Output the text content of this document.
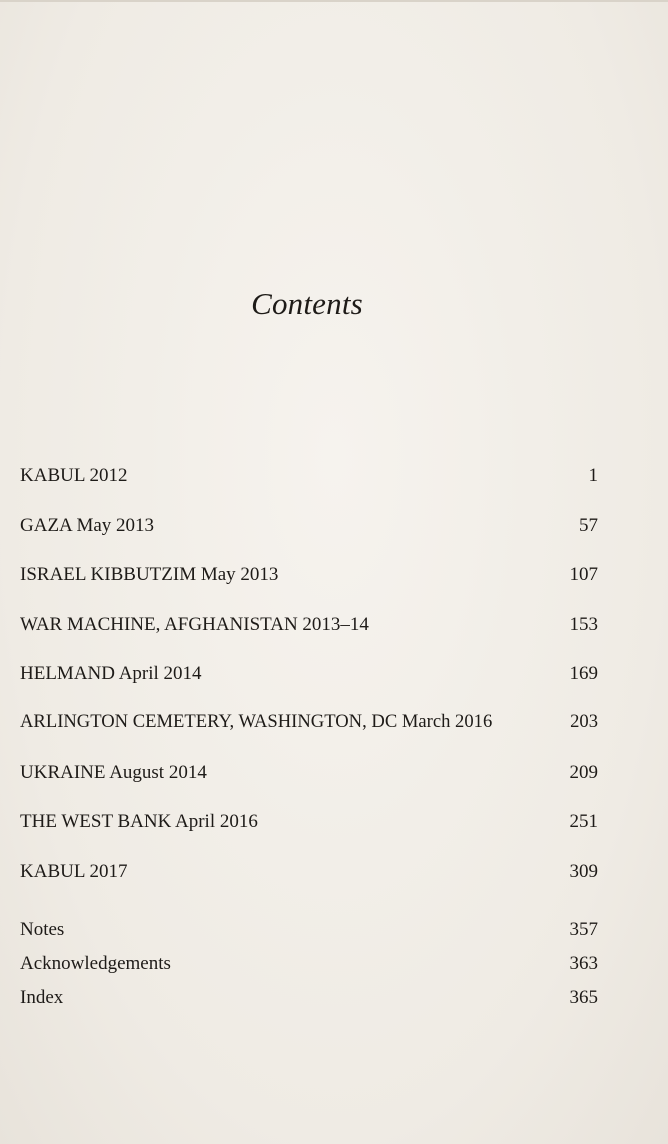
Contents
KABUL 2012	1
GAZA May 2013	57
ISRAEL KIBBUTZIM May 2013	107
WAR MACHINE, AFGHANISTAN 2013–14	153
HELMAND April 2014	169
ARLINGTON CEMETERY, WASHINGTON, DC March 2016	203
UKRAINE August 2014	209
THE WEST BANK April 2016	251
KABUL 2017	309
Notes	357
Acknowledgements	363
Index	365
